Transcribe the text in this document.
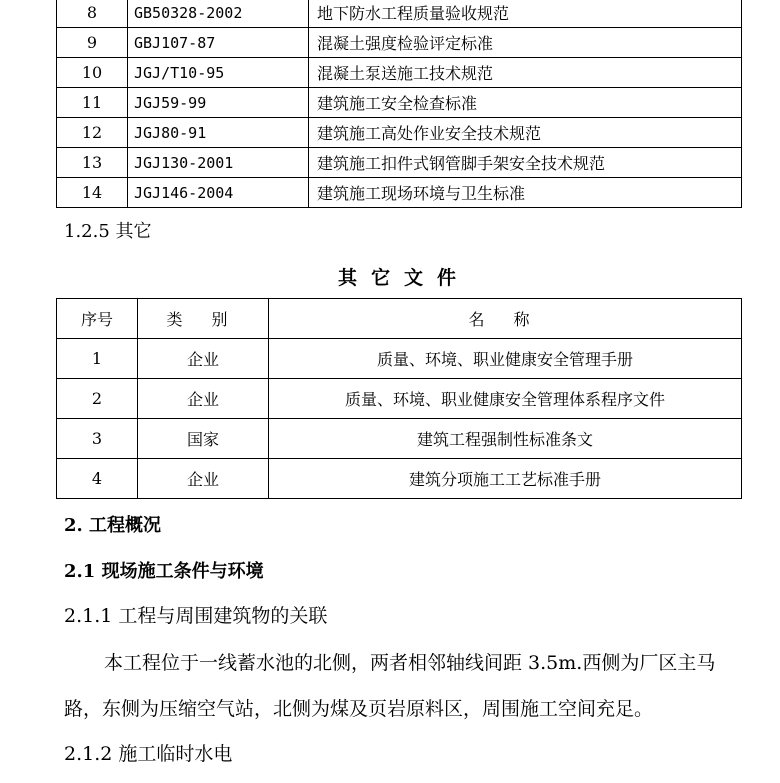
8	GB50328-2002	地下防水工程质量验收规范
9	GBJ107-87	混凝土强度检验评定标准
10	JGJ/T10-95	混凝土泵送施工技术规范
11	JGJ59-99	建筑施工安全检查标准
12	JGJ80-91	建筑施工高处作业安全技术规范
13	JGJ130-2001	建筑施工扣件式钢管脚手架安全技术规范
14	JGJ146-2004	建筑施工现场环境与卫生标准
1.2.5 其它
其它文件
序号	类 别	名 称
1	企业	质量、环境、职业健康安全管理手册
2	企业	质量、环境、职业健康安全管理体系程序文件
3	国家	建筑工程强制性标准条文
4	企业	建筑分项施工工艺标准手册
2. 工程概况
2.1 现场施工条件与环境
2.1.1 工程与周围建筑物的关联
本工程位于一线蓄水池的北侧，两者相邻轴线间距 3.5m.西侧为厂区主马
路，东侧为压缩空气站，北侧为煤及页岩原料区，周围施工空间充足。
2.1.2 施工临时水电
